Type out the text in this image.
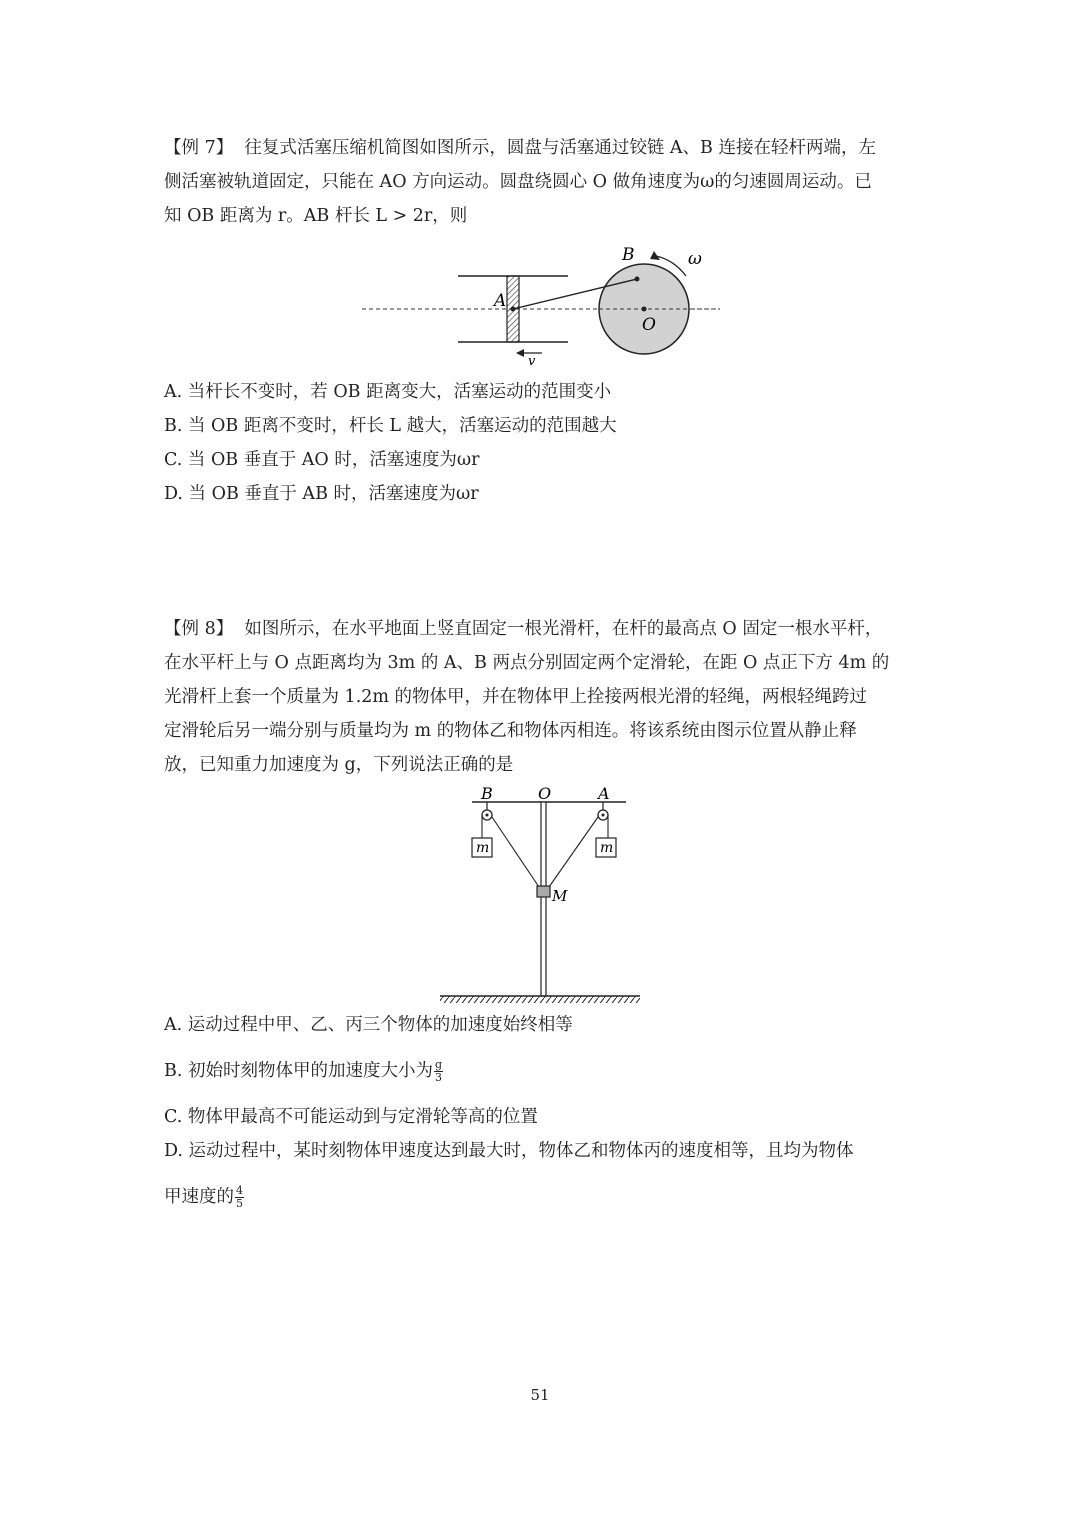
【例 7】 往复式活塞压缩机简图如图所示，圆盘与活塞通过铰链 A、B 连接在轻杆两端，左
侧活塞被轨道固定，只能在 AO 方向运动。圆盘绕圆心 O 做角速度为ω的匀速圆周运动。已
知 OB 距离为 r。AB 杆长 L > 2r，则
A
B
O
ω
v
A. 当杆长不变时，若 OB 距离变大，活塞运动的范围变小
B. 当 OB 距离不变时，杆长 L 越大，活塞运动的范围越大
C. 当 OB 垂直于 AO 时，活塞速度为ωr
D. 当 OB 垂直于 AB 时，活塞速度为ωr
【例 8】 如图所示，在水平地面上竖直固定一根光滑杆，在杆的最高点 O 固定一根水平杆，
在水平杆上与 O 点距离均为 3m 的 A、B 两点分别固定两个定滑轮，在距 O 点正下方 4m 的
光滑杆上套一个质量为 1.2m 的物体甲，并在物体甲上拴接两根光滑的轻绳，两根轻绳跨过
定滑轮后另一端分别与质量均为 m 的物体乙和物体丙相连。将该系统由图示位置从静止释
放，已知重力加速度为 g，下列说法正确的是
B	O	A
m	m
M
A. 运动过程中甲、乙、丙三个物体的加速度始终相等
B. 初始时刻物体甲的加速度大小为 $\frac{g}{3}$
C. 物体甲最高不可能运动到与定滑轮等高的位置
D. 运动过程中，某时刻物体甲速度达到最大时，物体乙和物体丙的速度相等，且均为物体
甲速度的 $\frac{4}{5}$
51
